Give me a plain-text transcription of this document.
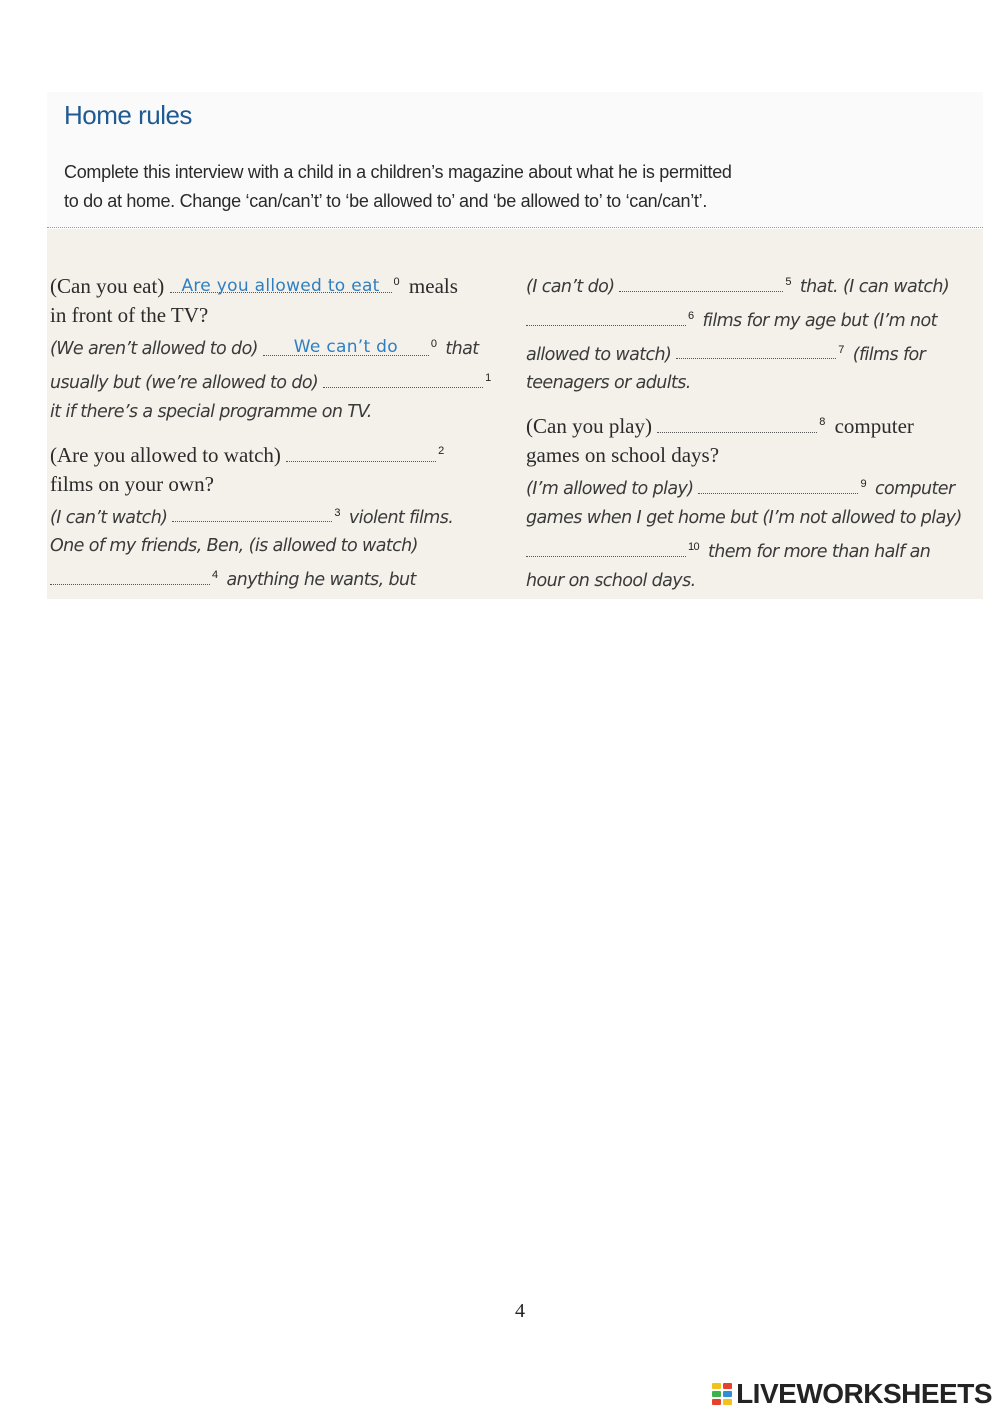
Home rules
Complete this interview with a child in a children’s magazine about what he is permitted
to do at home. Change ‘can/can’t’ to ‘be allowed to’ and ‘be allowed to’ to ‘can/can’t’.
(Can you eat) Are you allowed to eat $^0$ meals
in front of the TV?
(We aren’t allowed to do) We can’t do	$^0$ that
usually but (we’re allowed to do)	$^1$
it if there’s a special programme on TV.
(Are you allowed to watch)	$^2$
films on your own?
(I can’t watch)	$^3$ violent films.
One of my friends, Ben, (is allowed to watch)
$^4$ anything he wants, but
(I can’t do)	$^5$ that. (I can watch)
$^6$ films for my age but (I’m not
allowed to watch)	$^7$ (films for
teenagers or adults.
(Can you play)	$^8$ computer
games on school days?
(I’m allowed to play)	$^9$ computer
games when I get home but (I’m not allowed to play)
$^{10}$ them for more than half an
hour on school days.
4
LIVEWORKSHEETS
